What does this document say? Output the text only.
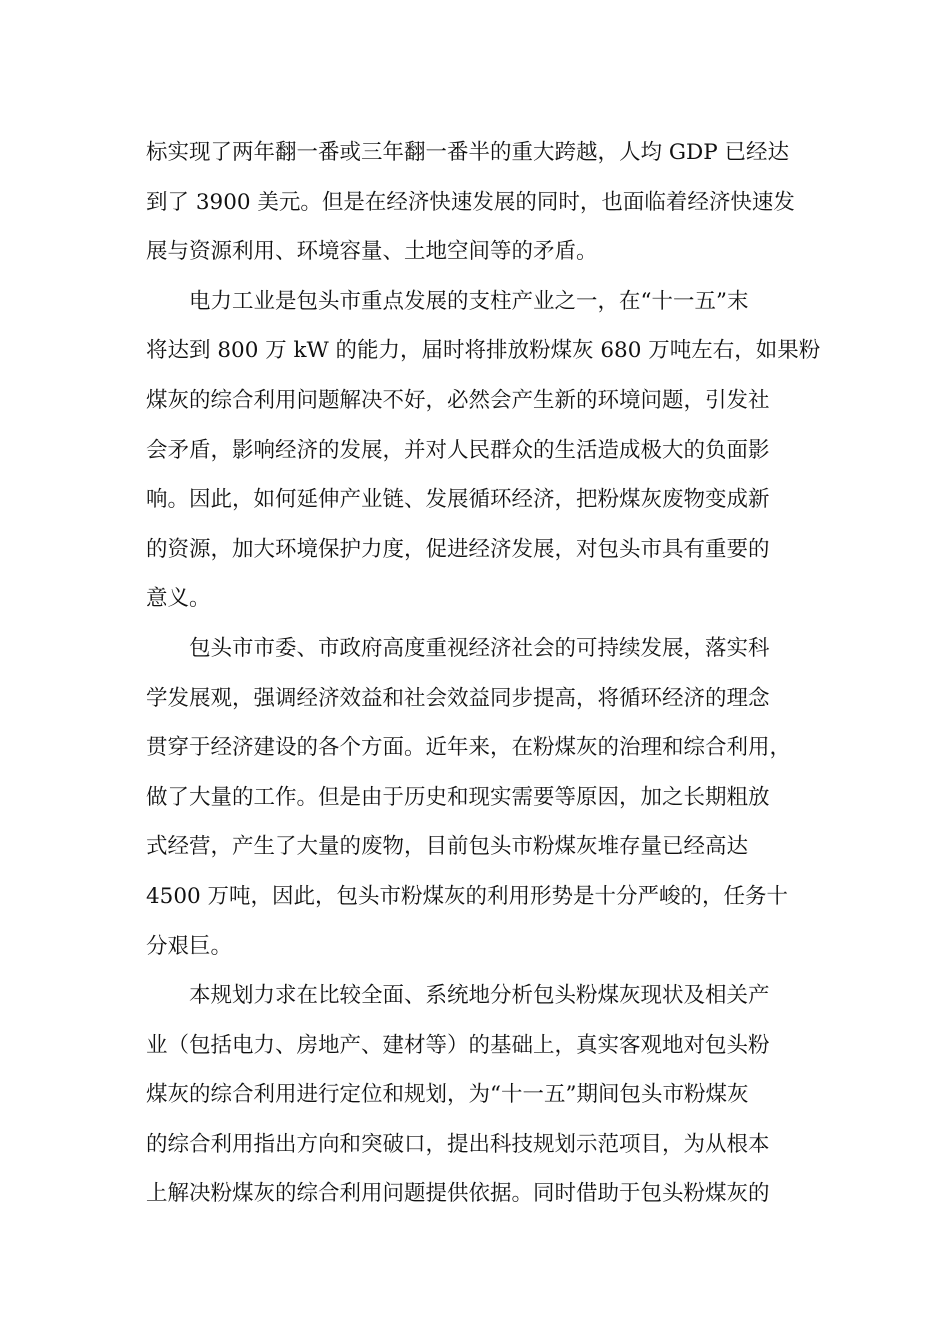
标实现了两年翻一番或三年翻一番半的重大跨越，人均 GDP 已经达
到了 3900 美元。但是在经济快速发展的同时，也面临着经济快速发
展与资源利用、环境容量、土地空间等的矛盾。
电力工业是包头市重点发展的支柱产业之一，在“十一五”末
将达到 800 万 kW 的能力，届时将排放粉煤灰 680 万吨左右，如果粉
煤灰的综合利用问题解决不好，必然会产生新的环境问题，引发社
会矛盾，影响经济的发展，并对人民群众的生活造成极大的负面影
响。因此，如何延伸产业链、发展循环经济，把粉煤灰废物变成新
的资源，加大环境保护力度，促进经济发展，对包头市具有重要的
意义。
包头市市委、市政府高度重视经济社会的可持续发展，落实科
学发展观，强调经济效益和社会效益同步提高，将循环经济的理念
贯穿于经济建设的各个方面。近年来，在粉煤灰的治理和综合利用，
做了大量的工作。但是由于历史和现实需要等原因，加之长期粗放
式经营，产生了大量的废物，目前包头市粉煤灰堆存量已经高达
4500 万吨，因此，包头市粉煤灰的利用形势是十分严峻的，任务十
分艰巨。
本规划力求在比较全面、系统地分析包头粉煤灰现状及相关产
业（包括电力、房地产、建材等）的基础上，真实客观地对包头粉
煤灰的综合利用进行定位和规划，为“十一五”期间包头市粉煤灰
的综合利用指出方向和突破口，提出科技规划示范项目，为从根本
上解决粉煤灰的综合利用问题提供依据。同时借助于包头粉煤灰的
